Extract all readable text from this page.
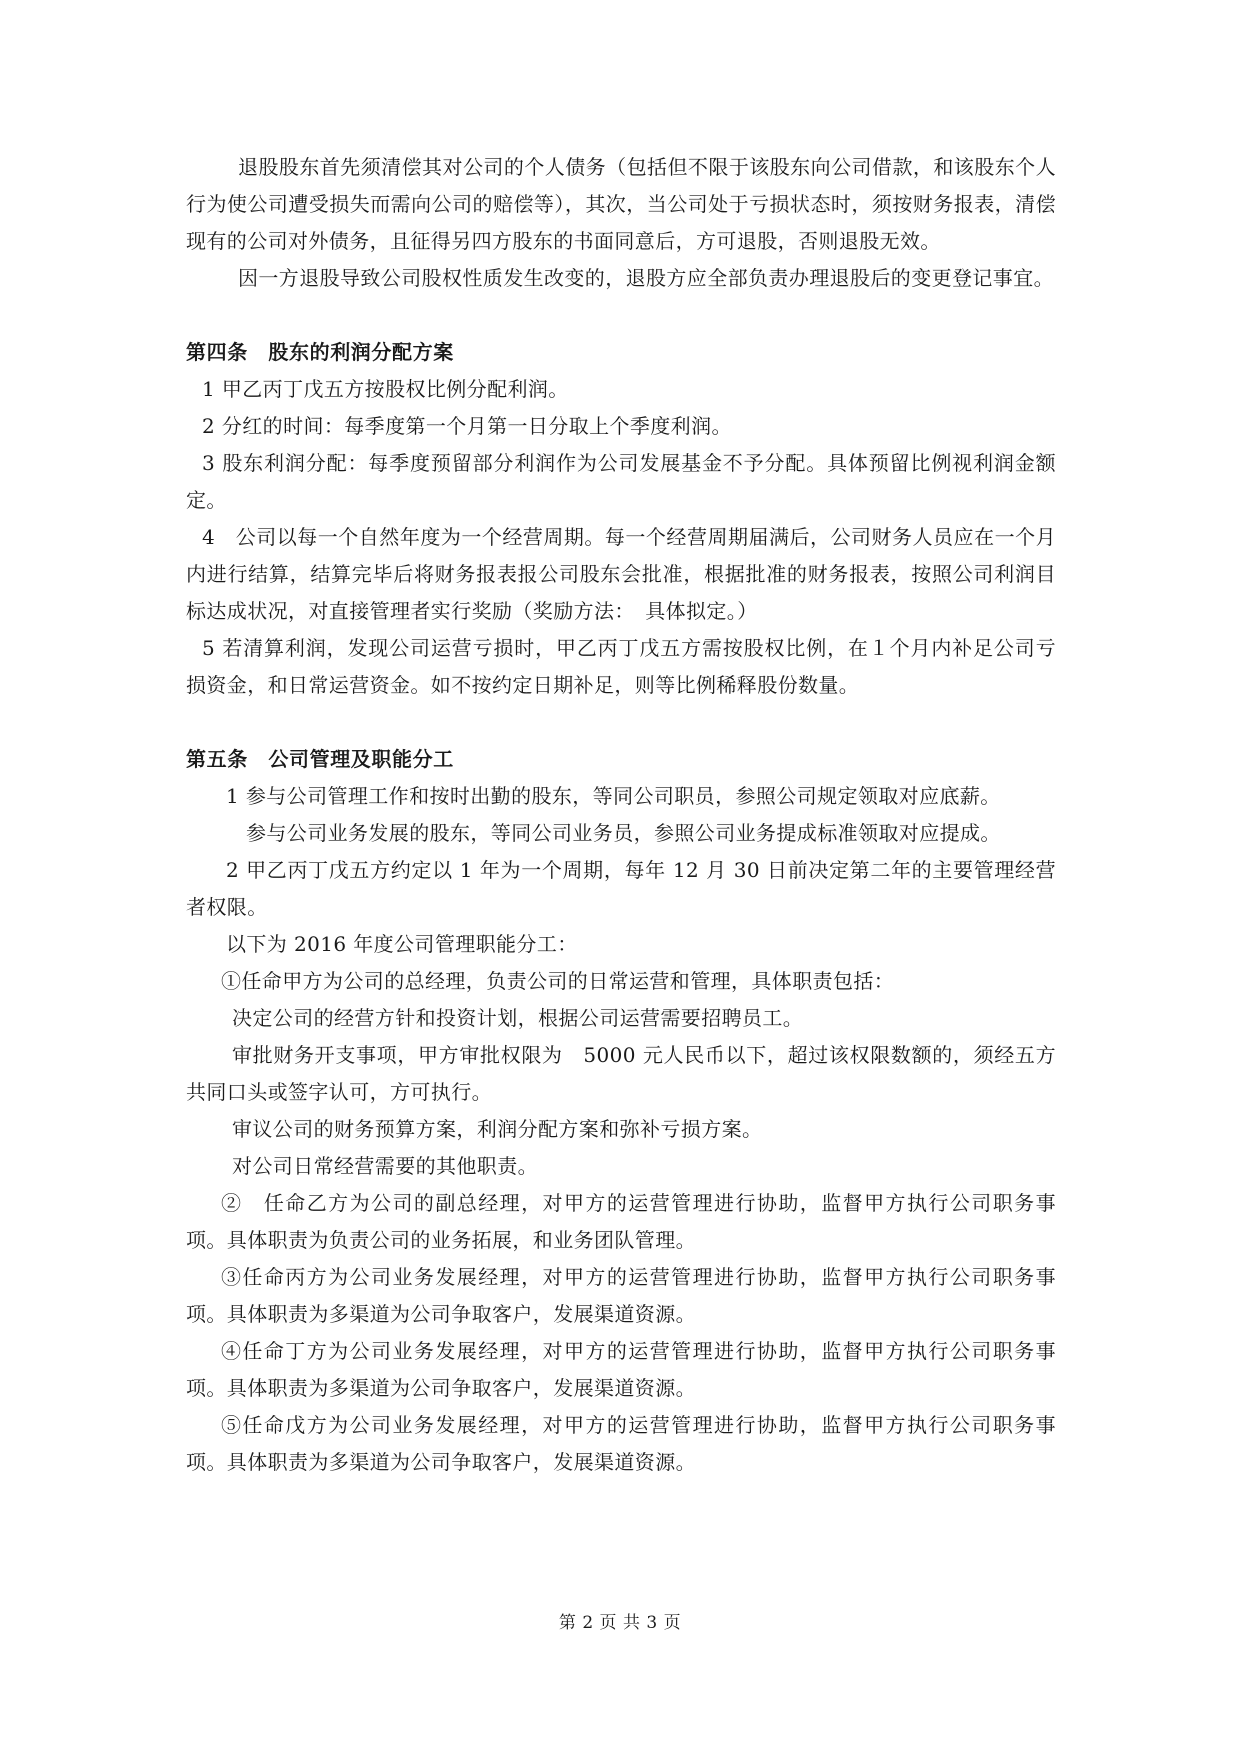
退股股东首先须清偿其对公司的个人债务（包括但不限于该股东向公司借款，和该股东个人行为使公司遭受损失而需向公司的赔偿等），其次，当公司处于亏损状态时，须按财务报表，清偿现有的公司对外债务，且征得另四方股东的书面同意后，方可退股，否则退股无效。

因一方退股导致公司股权性质发生改变的，退股方应全部负责办理退股后的变更登记事宜。

第四条　股东的利润分配方案

1 甲乙丙丁戊五方按股权比例分配利润。

2 分红的时间：每季度第一个月第一日分取上个季度利润。

3 股东利润分配：每季度预留部分利润作为公司发展基金不予分配。具体预留比例视利润金额定。

4　公司以每一个自然年度为一个经营周期。每一个经营周期届满后，公司财务人员应在一个月内进行结算，结算完毕后将财务报表报公司股东会批准，根据批准的财务报表，按照公司利润目标达成状况，对直接管理者实行奖励（奖励方法：　具体拟定。）

5 若清算利润，发现公司运营亏损时，甲乙丙丁戊五方需按股权比例，在１个月内补足公司亏损资金，和日常运营资金。如不按约定日期补足，则等比例稀释股份数量。

第五条　公司管理及职能分工

1 参与公司管理工作和按时出勤的股东，等同公司职员，参照公司规定领取对应底薪。

参与公司业务发展的股东，等同公司业务员，参照公司业务提成标准领取对应提成。

2 甲乙丙丁戊五方约定以 1 年为一个周期，每年 12 月 30 日前决定第二年的主要管理经营者权限。

以下为 2016 年度公司管理职能分工：

①任命甲方为公司的总经理，负责公司的日常运营和管理，具体职责包括：

决定公司的经营方针和投资计划，根据公司运营需要招聘员工。

审批财务开支事项，甲方审批权限为　5000 元人民币以下，超过该权限数额的，须经五方共同口头或签字认可，方可执行。

审议公司的财务预算方案，利润分配方案和弥补亏损方案。

对公司日常经营需要的其他职责。

②　任命乙方为公司的副总经理，对甲方的运营管理进行协助，监督甲方执行公司职务事项。具体职责为负责公司的业务拓展，和业务团队管理。

③任命丙方为公司业务发展经理，对甲方的运营管理进行协助，监督甲方执行公司职务事项。具体职责为多渠道为公司争取客户，发展渠道资源。

④任命丁方为公司业务发展经理，对甲方的运营管理进行协助，监督甲方执行公司职务事项。具体职责为多渠道为公司争取客户，发展渠道资源。

⑤任命戊方为公司业务发展经理，对甲方的运营管理进行协助，监督甲方执行公司职务事项。具体职责为多渠道为公司争取客户，发展渠道资源。

第 2 页 共 3 页
